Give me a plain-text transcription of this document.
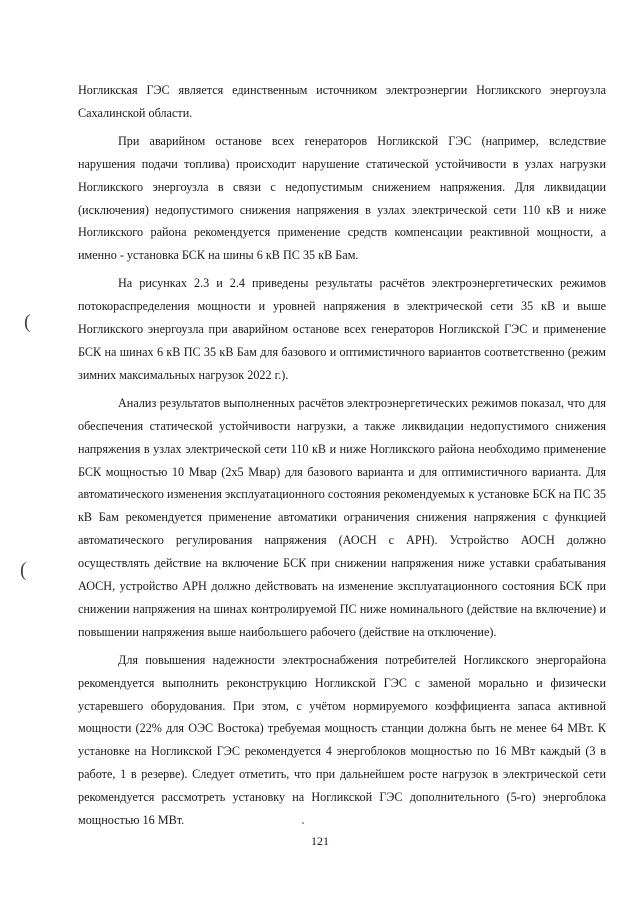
Ногликская ГЭС является единственным источником электроэнергии Ногликского энергоузла Сахалинской области.

При аварийном останове всех генераторов Ногликской ГЭС (например, вследствие нарушения подачи топлива) происходит нарушение статической устойчивости в узлах нагрузки Ногликского энергоузла в связи с недопустимым снижением напряжения. Для ликвидации (исключения) недопустимого снижения напряжения в узлах электрической сети 110 кВ и ниже Ногликского района рекомендуется применение средств компенсации реактивной мощности, а именно - установка БСК на шины 6 кВ ПС 35 кВ Бам.

На рисунках 2.3 и 2.4 приведены результаты расчётов электроэнергетических режимов потокораспределения мощности и уровней напряжения в электрической сети 35 кВ и выше Ногликского энергоузла при аварийном останове всех генераторов Ногликской ГЭС и применение БСК на шинах 6 кВ ПС 35 кВ Бам для базового и оптимистичного вариантов соответственно (режим зимних максимальных нагрузок 2022 г.).

Анализ результатов выполненных расчётов электроэнергетических режимов показал, что для обеспечения статической устойчивости нагрузки, а также ликвидации недопустимого снижения напряжения в узлах электрической сети 110 кВ и ниже Ногликского района необходимо применение БСК мощностью 10 Мвар (2х5 Мвар) для базового варианта и для оптимистичного варианта. Для автоматического изменения эксплуатационного состояния рекомендуемых к установке БСК на ПС 35 кВ Бам рекомендуется применение автоматики ограничения снижения напряжения с функцией автоматического регулирования напряжения (АОСН с АРН). Устройство АОСН должно осуществлять действие на включение БСК при снижении напряжения ниже уставки срабатывания АОСН, устройство АРН должно действовать на изменение эксплуатационного состояния БСК при снижении напряжения на шинах контролируемой ПС ниже номинального (действие на включение) и повышении напряжения выше наибольшего рабочего (действие на отключение).

Для повышения надежности электроснабжения потребителей Ногликского энергорайона рекомендуется выполнить реконструкцию Ногликской ГЭС с заменой морально и физически устаревшего оборудования. При этом, с учётом нормируемого коэффициента запаса активной мощности (22% для ОЭС Востока) требуемая мощность станции должна быть не менее 64 МВт. К установке на Ногликской ГЭС рекомендуется 4 энергоблоков мощностью по 16 МВт каждый (3 в работе, 1 в резерве). Следует отметить, что при дальнейшем росте нагрузок в электрической сети рекомендуется рассмотреть установку на Ногликской ГЭС дополнительного (5-го) энергоблока мощностью 16 МВт.

(
(
121
